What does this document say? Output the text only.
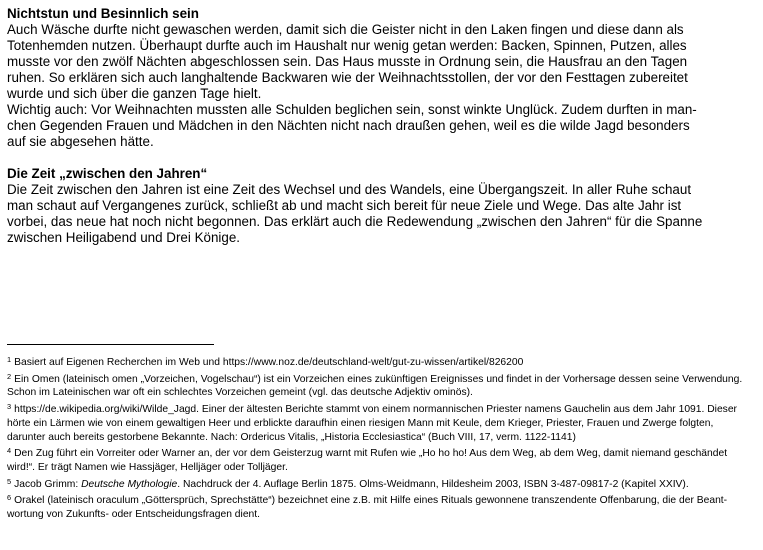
Nichtstun und Besinnlich sein

Auch Wäsche durfte nicht gewaschen werden, damit sich die Geister nicht in den Laken fingen und diese dann als
Totenhemden nutzen. Überhaupt durfte auch im Haushalt nur wenig getan werden: Backen, Spinnen, Putzen, alles
musste vor den zwölf Nächten abgeschlossen sein. Das Haus musste in Ordnung sein, die Hausfrau an den Tagen
ruhen. So erklären sich auch langhaltende Backwaren wie der Weihnachtsstollen, der vor den Festtagen zubereitet
wurde und sich über die ganzen Tage hielt.
Wichtig auch: Vor Weihnachten mussten alle Schulden beglichen sein, sonst winkte Unglück. Zudem durften in man-
chen Gegenden Frauen und Mädchen in den Nächten nicht nach draußen gehen, weil es die wilde Jagd besonders
auf sie abgesehen hätte.

Die Zeit „zwischen den Jahren“

Die Zeit zwischen den Jahren ist eine Zeit des Wechsel und des Wandels, eine Übergangszeit. In aller Ruhe schaut
man schaut auf Vergangenes zurück, schließt ab und macht sich bereit für neue Ziele und Wege. Das alte Jahr ist
vorbei, das neue hat noch nicht begonnen. Das erklärt auch die Redewendung „zwischen den Jahren“ für die Spanne
zwischen Heiligabend und Drei Könige.
$^1$ Basiert auf Eigenen Recherchen im Web und https://www.noz.de/deutschland-welt/gut-zu-wissen/artikel/826200
$^2$ Ein Omen (lateinisch omen „Vorzeichen, Vogelschau“) ist ein Vorzeichen eines zukünftigen Ereignisses und findet in der Vorhersage dessen seine Verwendung.
Schon im Lateinischen war oft ein schlechtes Vorzeichen gemeint (vgl. das deutsche Adjektiv ominös).
$^3$ https://de.wikipedia.org/wiki/Wilde_Jagd. Einer der ältesten Berichte stammt von einem normannischen Priester namens Gauchelin aus dem Jahr 1091. Dieser
hörte ein Lärmen wie von einem gewaltigen Heer und erblickte daraufhin einen riesigen Mann mit Keule, dem Krieger, Priester, Frauen und Zwerge folgten,
darunter auch bereits gestorbene Bekannte. Nach: Ordericus Vitalis, „Historia Ecclesiastica“ (Buch VIII, 17, verm. 1122-1141)
$^4$ Den Zug führt ein Vorreiter oder Warner an, der vor dem Geisterzug warnt mit Rufen wie „Ho ho ho! Aus dem Weg, ab dem Weg, damit niemand geschändet
wird!“. Er trägt Namen wie Hassjäger, Helljäger oder Tolljäger.
$^5$ Jacob Grimm: Deutsche Mythologie. Nachdruck der 4. Auflage Berlin 1875. Olms-Weidmann, Hildesheim 2003, ISBN 3-487-09817-2 (Kapitel XXIV).
$^6$ Orakel (lateinisch oraculum „Göttersprüch, Sprechstätte“) bezeichnet eine z.B. mit Hilfe eines Rituals gewonnene transzendente Offenbarung, die der Beant-
wortung von Zukunfts- oder Entscheidungsfragen dient.
